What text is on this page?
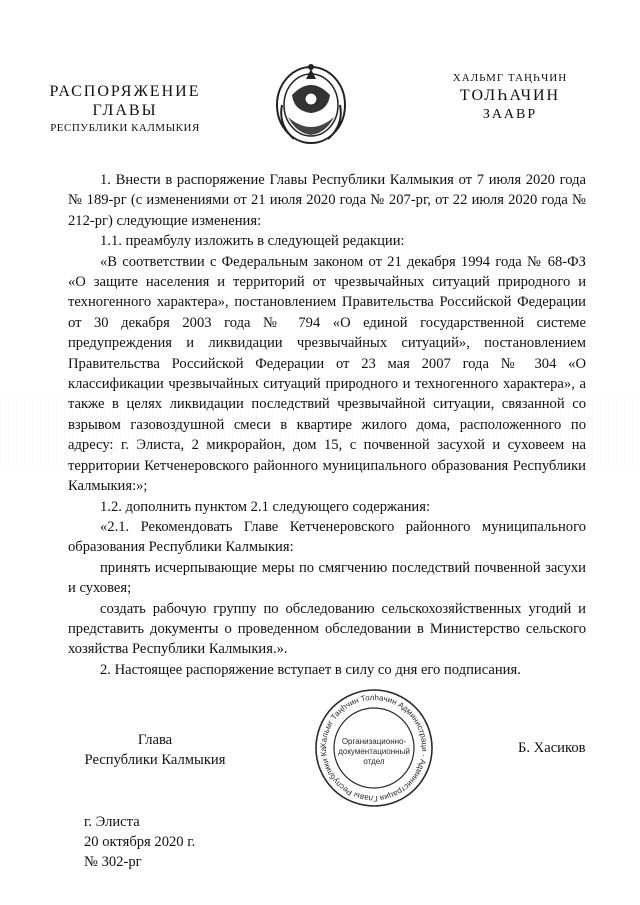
РАСПОРЯЖЕНИЕ
ГЛАВЫ
РЕСПУБЛИКИ КАЛМЫКИЯ
ХАЛЬМГ ТАҢҺЧИН
ТОЛҺАЧИН
ЗААВР

1. Внести в распоряжение Главы Республики Калмыкия от 7 июля 2020 года № 189-рг (с изменениями от 21 июля 2020 года № 207-рг, от 22 июля 2020 года № 212-рг) следующие изменения:

1.1. преамбулу изложить в следующей редакции:

«В соответствии с Федеральным законом от 21 декабря 1994 года № 68-ФЗ «О защите населения и территорий от чрезвычайных ситуаций природного и техногенного характера», постановлением Правительства Российской Федерации от 30 декабря 2003 года № 794 «О единой государственной системе предупреждения и ликвидации чрезвычайных ситуаций», постановлением Правительства Российской Федерации от 23 мая 2007 года № 304 «О классификации чрезвычайных ситуаций природного и техногенного характера», а также в целях ликвидации последствий чрезвычайной ситуации, связанной со взрывом газовоздушной смеси в квартире жилого дома, расположенного по адресу: г. Элиста, 2 микрорайон, дом 15, с почвенной засухой и суховеем на территории Кетченеровского районного муниципального образования Республики Калмыкия:»;

1.2. дополнить пунктом 2.1 следующего содержания:

«2.1. Рекомендовать Главе Кетченеровского районного муниципального образования Республики Калмыкия:

принять исчерпывающие меры по смягчению последствий почвенной засухи и суховея;

создать рабочую группу по обследованию сельскохозяйственных угодий и представить документы о проведенном обследовании в Министерство сельского хозяйства Республики Калмыкия.».

2. Настоящее распоряжение вступает в силу со дня его подписания.

Глава
Республики Калмыкия
Хальмг Таңһчин Толһачин Администраци · Администрация Главы Республики Ка
Организационно-
документационный
отдел
Б. Хасиков
г. Элиста
20 октября 2020 г.
№ 302-рг
